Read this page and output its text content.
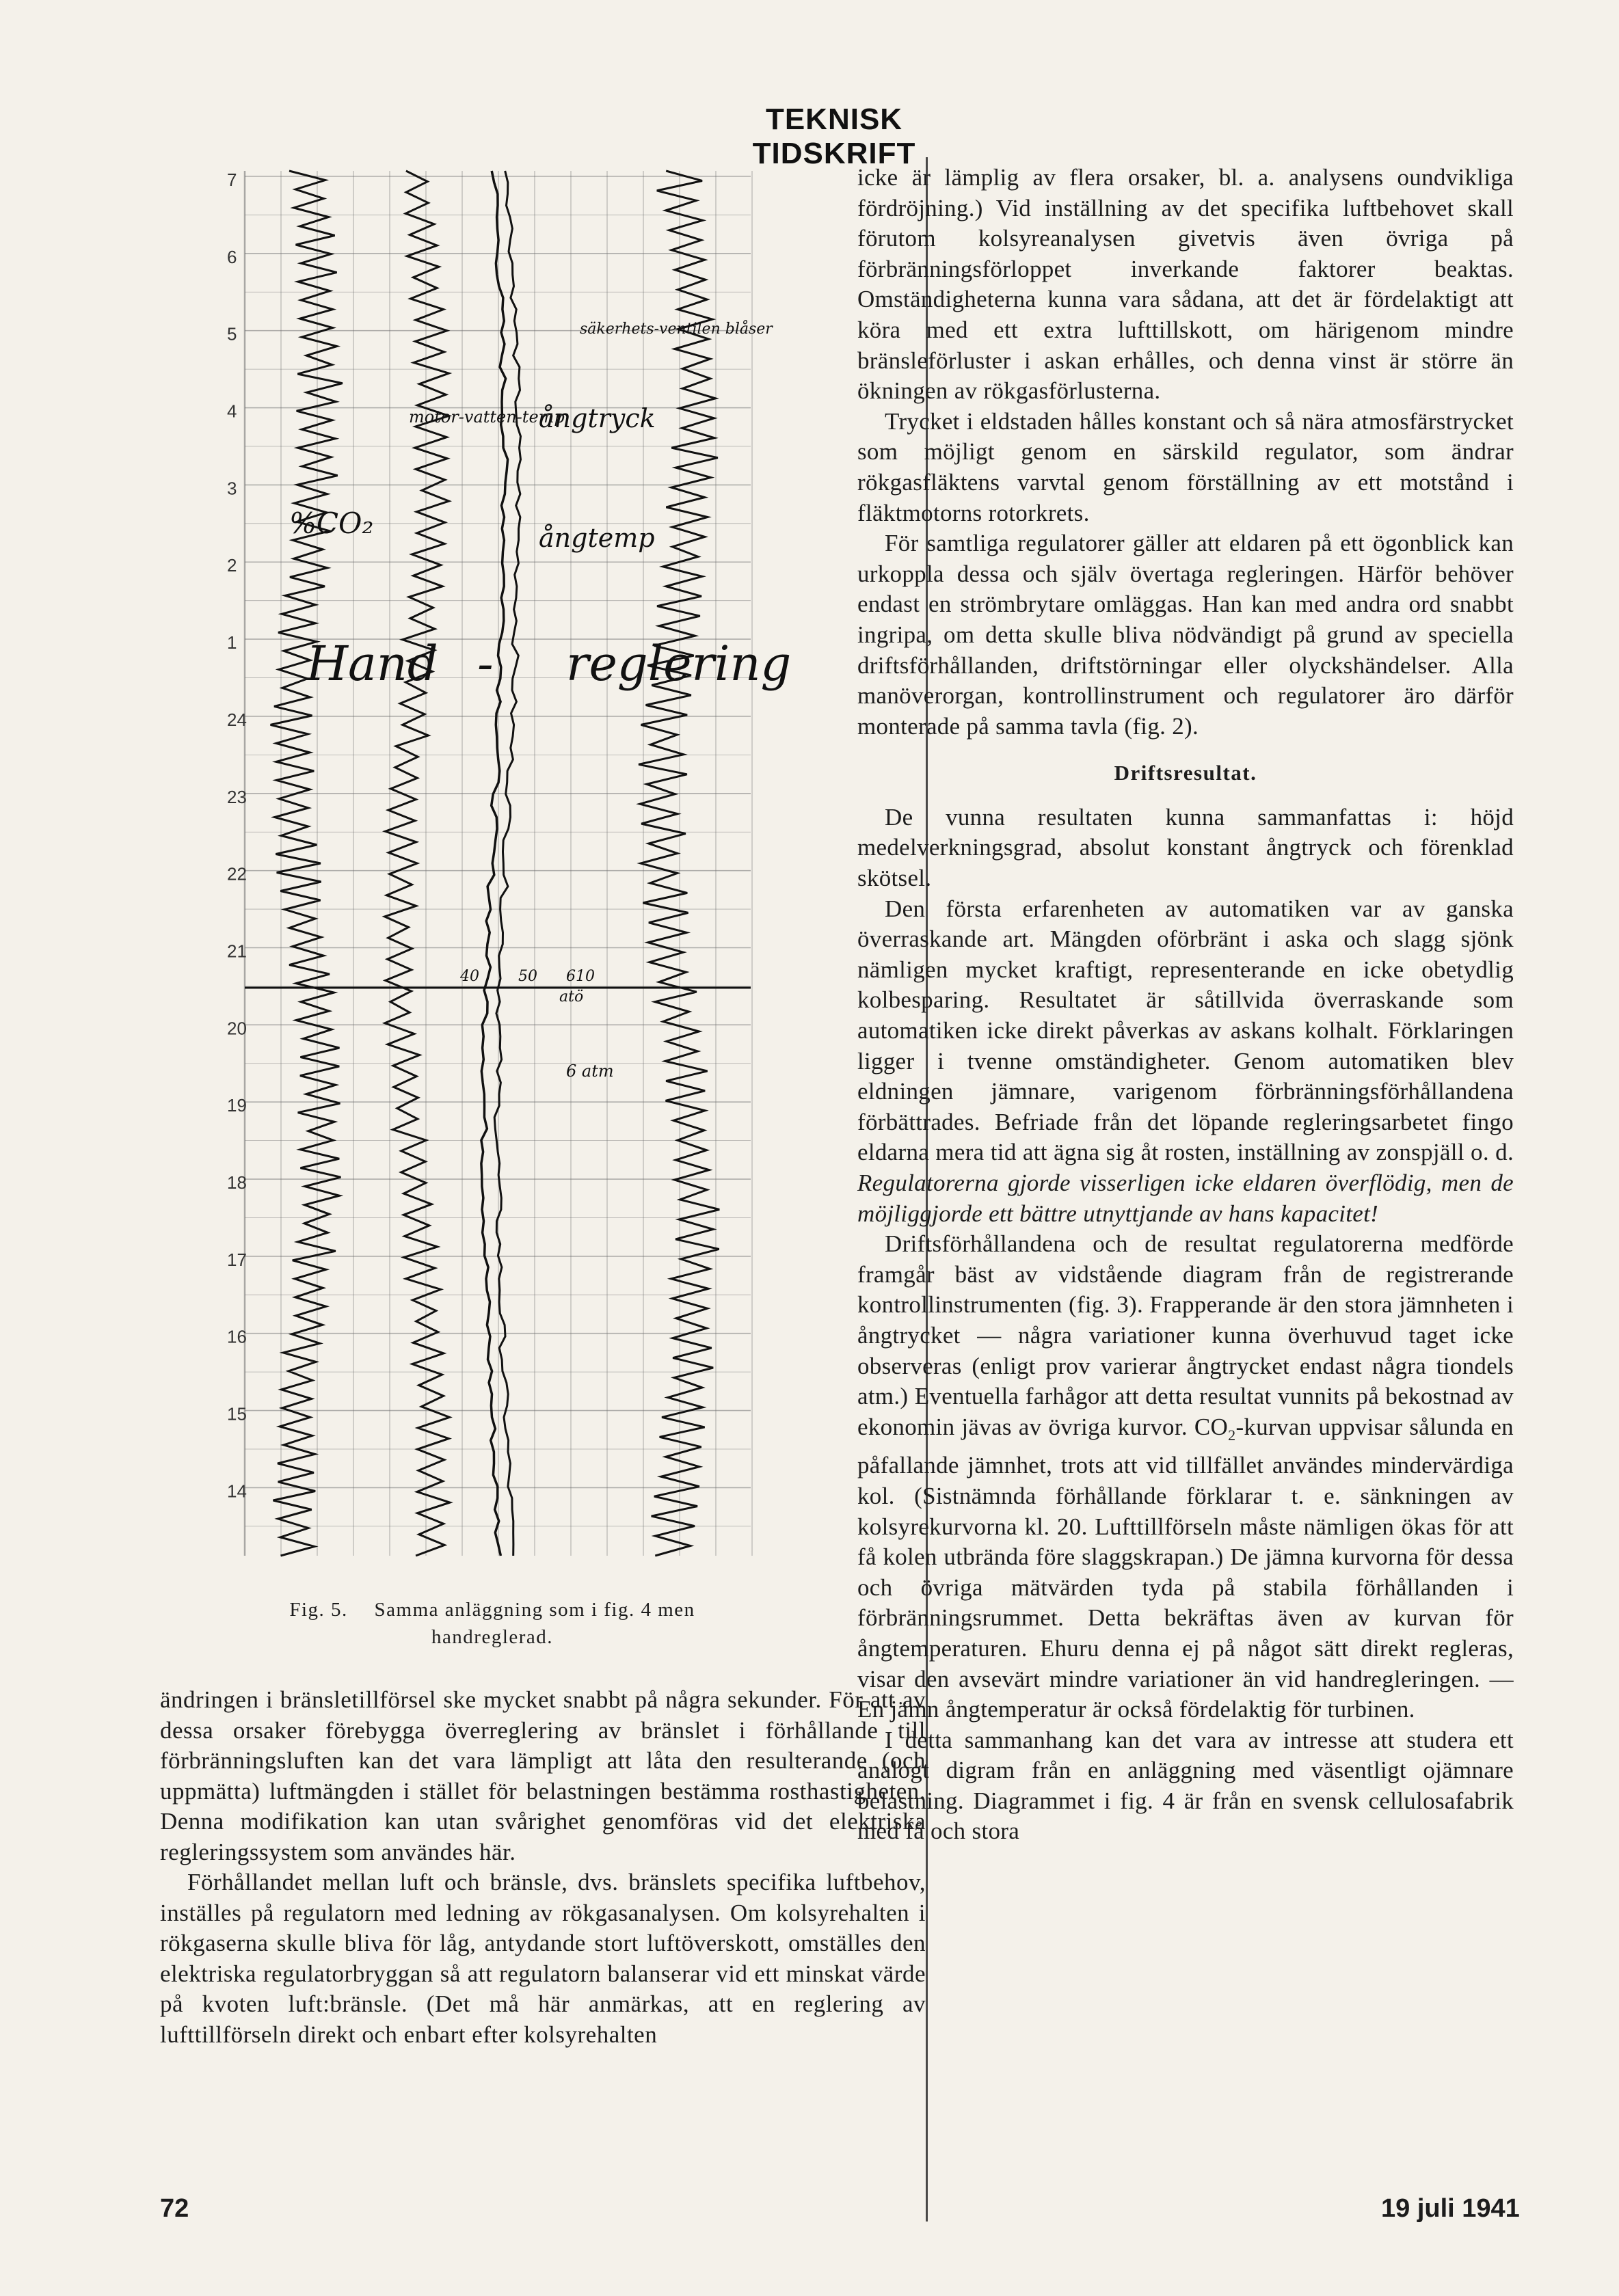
TEKNISK TIDSKRIFT
7
6
5
4
3
2
1
24
23
22
21
20
19
18
17
16
15
14
%CO₂
motor-vatten-temp
säkerhets-ventilen blåser
ångtryck
ångtemp
Hand - reglering
40	50 610
atö
6 atm
Fig. 5. Samma anläggning som i fig. 4 men handreglerad.

ändringen i bränsletillförsel ske mycket snabbt på några sekunder. För att av dessa orsaker förebygga överreglering av bränslet i förhållande till förbränningsluften kan det vara lämpligt att låta den resulterande (och uppmätta) luftmängden i stället för belastningen bestämma rosthastigheten. Denna modifikation kan utan svårighet genomföras vid det elektriska regleringssystem som användes här.

Förhållandet mellan luft och bränsle, dvs. bränslets specifika luftbehov, inställes på regulatorn med ledning av rökgasanalysen. Om kolsyrehalten i rökgaserna skulle bliva för låg, antydande stort luftöverskott, omställes den elektriska regulatorbryggan så att regulatorn balanserar vid ett minskat värde på kvoten luft:bränsle. (Det må här anmärkas, att en reglering av lufttillförseln direkt och enbart efter kolsyrehalten

icke är lämplig av flera orsaker, bl. a. analysens oundvikliga fördröjning.) Vid inställning av det specifika luftbehovet skall förutom kolsyreanalysen givetvis även övriga på förbränningsförloppet inverkande faktorer beaktas. Omständigheterna kunna vara sådana, att det är fördelaktigt att köra med ett extra lufttillskott, om härigenom mindre bränsleförluster i askan erhålles, och denna vinst är större än ökningen av rökgasförlusterna.

Trycket i eldstaden hålles konstant och så nära atmosfärstrycket som möjligt genom en särskild regulator, som ändrar rökgasfläktens varvtal genom förställning av ett motstånd i fläktmotorns rotorkrets.

För samtliga regulatorer gäller att eldaren på ett ögonblick kan urkoppla dessa och själv övertaga regleringen. Härför behöver endast en strömbrytare omläggas. Han kan med andra ord snabbt ingripa, om detta skulle bliva nödvändigt på grund av speciella driftsförhållanden, driftstörningar eller olyckshändelser. Alla manöverorgan, kontrollinstrument och regulatorer äro därför monterade på samma tavla (fig. 2).

Driftsresultat.

De vunna resultaten kunna sammanfattas i: höjd medelverkningsgrad, absolut konstant ångtryck och förenklad skötsel.

Den första erfarenheten av automatiken var av ganska överraskande art. Mängden oförbränt i aska och slagg sjönk nämligen mycket kraftigt, representerande en icke obetydlig kolbesparing. Resultatet är såtillvida överraskande som automatiken icke direkt påverkas av askans kolhalt. Förklaringen ligger i tvenne omständigheter. Genom automatiken blev eldningen jämnare, varigenom förbränningsförhållandena förbättrades. Befriade från det löpande regleringsarbetet fingo eldarna mera tid att ägna sig åt rosten, inställning av zonspjäll o. d. Regulatorerna gjorde visserligen icke eldaren överflödig, men de möjliggjorde ett bättre utnyttjande av hans kapacitet!

Driftsförhållandena och de resultat regulatorerna medförde framgår bäst av vidstående diagram från de registrerande kontrollinstrumenten (fig. 3). Frapperande är den stora jämnheten i ångtrycket — några variationer kunna överhuvud taget icke observeras (enligt prov varierar ångtrycket endast några tiondels atm.) Eventuella farhågor att detta resultat vunnits på bekostnad av ekonomin jävas av övriga kurvor. $CO_2$-kurvan uppvisar sålunda en påfallande jämnhet, trots att vid tillfället användes mindervärdiga kol. (Sistnämnda förhållande förklarar t. e. sänkningen av kolsyrekurvorna kl. 20. Lufttillförseln måste nämligen ökas för att få kolen utbrända före slaggskrapan.) De jämna kurvorna för dessa och övriga mätvärden tyda på stabila förhållanden i förbränningsrummet. Detta bekräftas även av kurvan för ångtemperaturen. Ehuru denna ej på något sätt direkt regleras, visar den avsevärt mindre variationer än vid handregleringen. — En jämn ångtemperatur är också fördelaktig för turbinen.

I detta sammanhang kan det vara av intresse att studera ett analogt digram från en anläggning med väsentligt ojämnare belastning. Diagrammet i fig. 4 är från en svensk cellulosafabrik med få och stora

72	19 juli 1941
